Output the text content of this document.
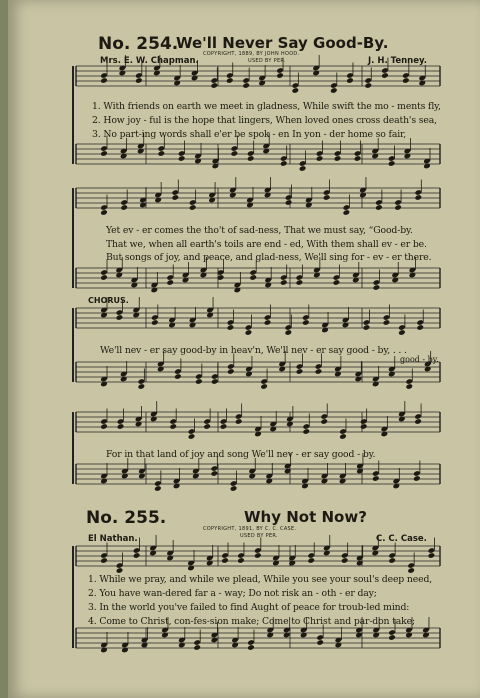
No. 254.
We'll Never Say Good-By.
COPYRIGHT, 1889, BY JOHN HOOD.
USED BY PER.
Mrs. E. W. Chapman.	J. H. Tenney.
1. With friends on earth we meet in gladness, While swift the mo - ments fly,
2. How joy - ful is the hope that lingers, When loved ones cross death's sea,
3. No part-ing words shall e'er be spok - en In yon - der home so fair,
Yet ev - er comes the tho't of sad-ness, That we must say, “Good-by.
That we, when all earth's toils are end - ed, With them shall ev - er be.
But songs of joy, and peace, and glad-ness, We'll sing for - ev - er there.
CHORUS.
We'll nev - er say good-by in heav'n, We'll nev - er say good - by, . . .
good - by.
For in that land of joy and song We'll nev - er say good - by.
No. 255.	Why Not Now?
COPYRIGHT, 1891, BY C. C. CASE.
USED BY PER.
El Nathan.	C. C. Case.
1. While we pray, and while we plead, While you see your soul's deep need,
2. You have wan-dered far a - way; Do not risk an - oth - er day;
3. In the world you've failed to find Aught of peace for troub-led mind:
4. Come to Christ, con-fes-sion make; Come to Christ and par-don take;
